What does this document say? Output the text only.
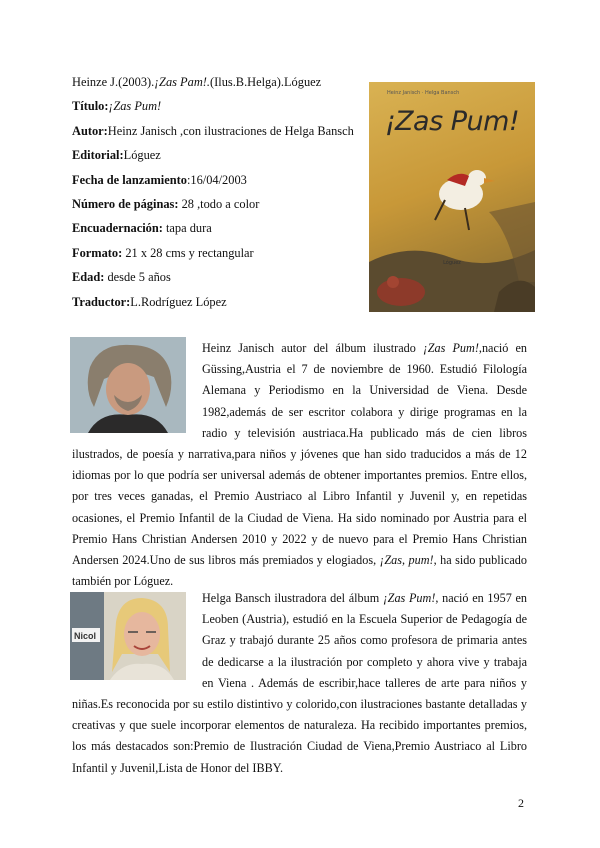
Heinze J.(2003).¡Zas Pam!.(Ilus.B.Helga).Lóguez
Título:¡Zas Pum!
Autor:Heinz Janisch ,con ilustraciones de Helga Bansch
Editorial:Lóguez
Fecha de lanzamiento:16/04/2003
Número de páginas: 28 ,todo a color
Encuadernación: tapa dura
Formato: 21 x 28 cms y rectangular
Edad: desde 5 años
Traductor:L.Rodríguez López
Heinz Janisch · Helga Bansch
¡Zas Pum!
Lóguez

Heinz Janisch autor del álbum ilustrado ¡Zas Pum!,nació en Güssing,Austria el 7 de noviembre de 1960. Estudió Filología Alemana y Periodismo en la Universidad de Viena. Desde 1982,además de ser escritor colabora y dirige programas en la radio y televisión austriaca.Ha publicado más de cien libros ilustrados, de poesía y narrativa,para niños y jóvenes que han sido traducidos a más de 12 idiomas por lo que podría ser universal además de obtener importantes premios. Entre ellos, por tres veces ganadas, el Premio Austriaco al Libro Infantil y Juvenil y, en repetidas ocasiones, el Premio Infantil de la Ciudad de Viena. Ha sido nominado por Austria para el Premio Hans Christian Andersen 2010 y 2022 y de nuevo para el Premio Hans Christian Andersen 2024.Uno de sus libros más premiados y elogiados, ¡Zas, pum!, ha sido publicado también por Lóguez.

Helga Bansch ilustradora del álbum ¡Zas Pum!, nació en 1957 en Leoben (Austria), estudió en la Escuela Superior de Pedagogía de Graz y trabajó durante 25 años como profesora de primaria antes de dedicarse a la ilustración por completo y ahora vive y trabaja en Viena . Además de escribir,hace talleres de arte para niños y niñas.Es reconocida por su estilo distintivo y colorido,con ilustraciones bastante detalladas y creativas y que suele incorporar elementos de naturaleza. Ha recibido importantes premios, los más destacados son:Premio de Ilustración Ciudad de Viena,Premio Austriaco al Libro Infantil y Juvenil,Lista de Honor del IBBY.

Nicol
2
